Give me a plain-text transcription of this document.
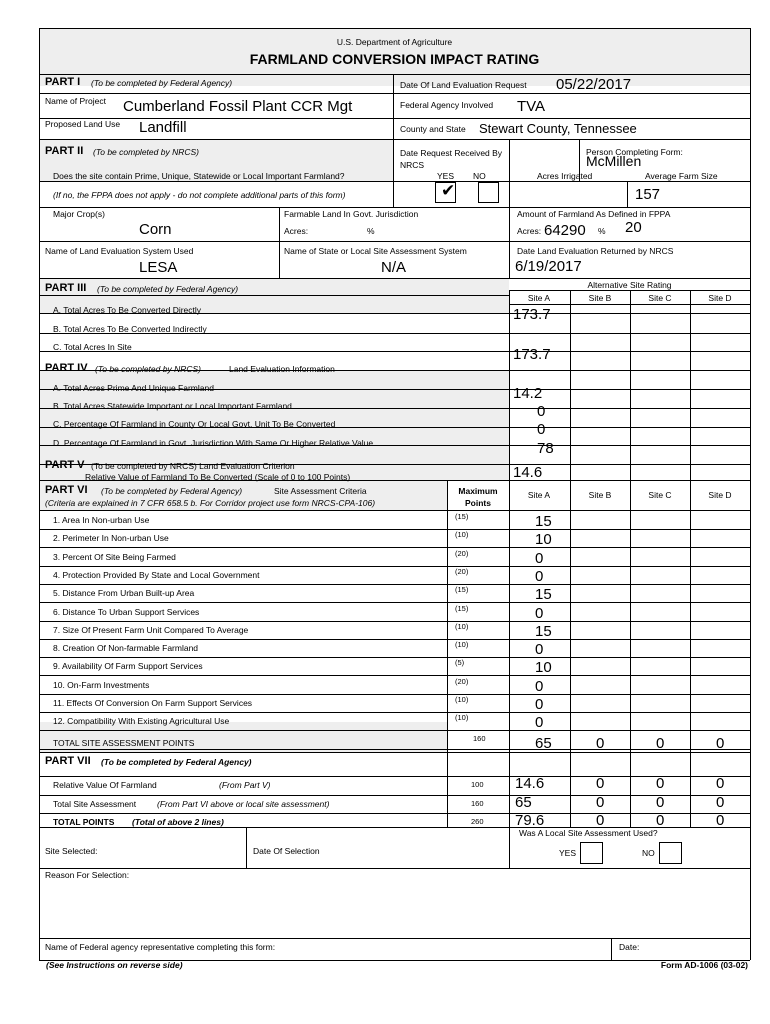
U.S. Department of Agriculture
FARMLAND CONVERSION IMPACT RATING
PART I (To be completed by Federal Agency)	Date Of Land Evaluation Request 05/22/2017
Name of Project Cumberland Fossil Plant CCR Mgt	Federal Agency Involved TVA
Proposed Land Use Landfill	County and State Stewart County, Tennessee
PART II (To be completed by NRCS)	Date Request Received By
NRCS
Person Completing Form:
McMillen
Does the site contain Prime, Unique, Statewide or Local Important Farmland?	YES NO
(If no, the FPPA does not apply - do not complete additional parts of this form)	✔
Acres Irrigated	Average Farm Size
157
Major Crop(s)
Corn
Farmable Land In Govt. Jurisdiction
Acres:	%
Amount of Farmland As Defined in FPPA
Acres: 64290 % 20
Name of Land Evaluation System Used
LESA
Name of State or Local Site Assessment System
N/A
Date Land Evaluation Returned by NRCS
6/19/2017
PART III (To be completed by Federal Agency)	Alternative Site Rating
Site A	Site B	Site C	Site D
A. Total Acres To Be Converted Directly	173.7
B. Total Acres To Be Converted Indirectly
C. Total Acres In Site	173.7
PART IV (To be completed by NRCS)	Land Evaluation Information
A. Total Acres Prime And Unique Farmland	14.2
B. Total Acres Statewide Important or Local Important Farmland	0
C. Percentage Of Farmland in County Or Local Govt. Unit To Be Converted	0
D. Percentage Of Farmland in Govt. Jurisdiction With Same Or Higher Relative Value	78
PART V (To be completed by NRCS) Land Evaluation Criterion
Relative Value of Farmland To Be Converted (Scale of 0 to 100 Points)	14.6
PART VI (To be completed by Federal Agency)	Site Assessment Criteria
(Criteria are explained in 7 CFR 658.5 b. For Corridor project use form NRCS-CPA-106)
Maximum
Points
Site A	Site B	Site C	Site D
1. Area In Non-urban Use	(15)	15
2. Perimeter In Non-urban Use	(10)	10
3. Percent Of Site Being Farmed	(20)	0
4. Protection Provided By State and Local Government	(20)	0
5. Distance From Urban Built-up Area	(15)	15
6. Distance To Urban Support Services	(15)	0
7. Size Of Present Farm Unit Compared To Average	(10)	15
8. Creation Of Non-farmable Farmland	(10)	0
9. Availability Of Farm Support Services	(5)	10
10. On-Farm Investments	(20)	0
11. Effects Of Conversion On Farm Support Services	(10)	0
12. Compatibility With Existing Agricultural Use	(10)	0
TOTAL SITE ASSESSMENT POINTS	160	65	0	0	0
PART VII (To be completed by Federal Agency)
Relative Value Of Farmland	(From Part V)	100 14.6	0	0	0
Total Site Assessment (From Part VI above or local site assessment)	160 65	0	0	0
TOTAL POINTS (Total of above 2 lines)	260 79.6	0	0	0
Site Selected:	Date Of Selection
Was A Local Site Assessment Used?
YES	NO
Reason For Selection:
Name of Federal agency representative completing this form:	Date:
(See Instructions on reverse side)	Form AD-1006 (03-02)
